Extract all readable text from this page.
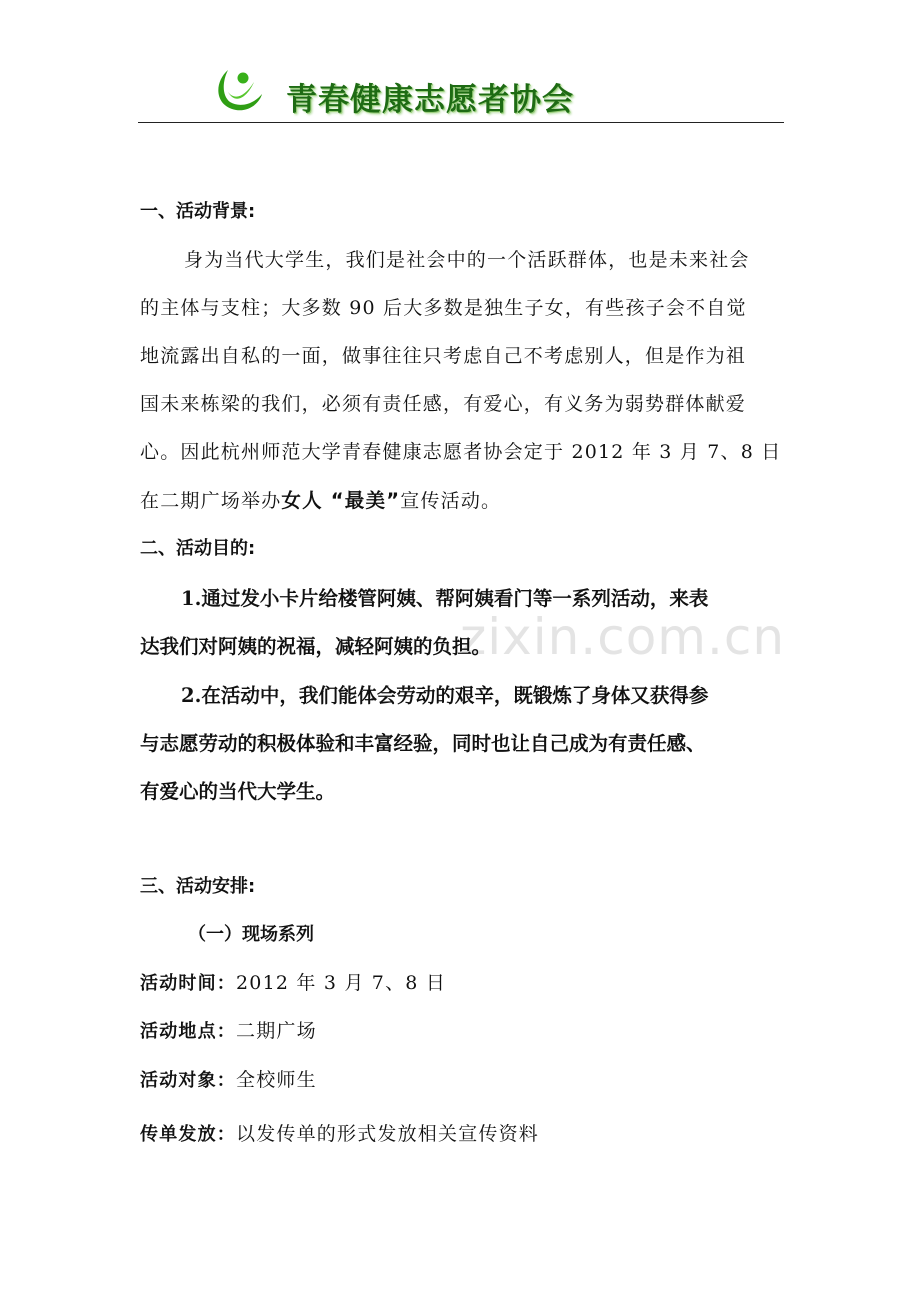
青春健康志愿者协会
zixin.com.cn
一、活动背景:
身为当代大学生，我们是社会中的一个活跃群体，也是未来社会
的主体与支柱；大多数 90 后大多数是独生子女，有些孩子会不自觉
地流露出自私的一面，做事往往只考虑自己不考虑别人，但是作为祖
国未来栋梁的我们，必须有责任感，有爱心，有义务为弱势群体献爱
心。因此杭州师范大学青春健康志愿者协会定于 2012 年 3 月 7、8 日
在二期广场举办女人 “最美”宣传活动。
二、活动目的:
1.通过发小卡片给楼管阿姨、帮阿姨看门等一系列活动，来表
达我们对阿姨的祝福，减轻阿姨的负担。
2.在活动中，我们能体会劳动的艰辛，既锻炼了身体又获得参
与志愿劳动的积极体验和丰富经验，同时也让自己成为有责任感、
有爱心的当代大学生。
三、活动安排:
（一）现场系列
活动时间：2012 年 3 月 7、8 日
活动地点：二期广场
活动对象：全校师生
传单发放：以发传单的形式发放相关宣传资料
